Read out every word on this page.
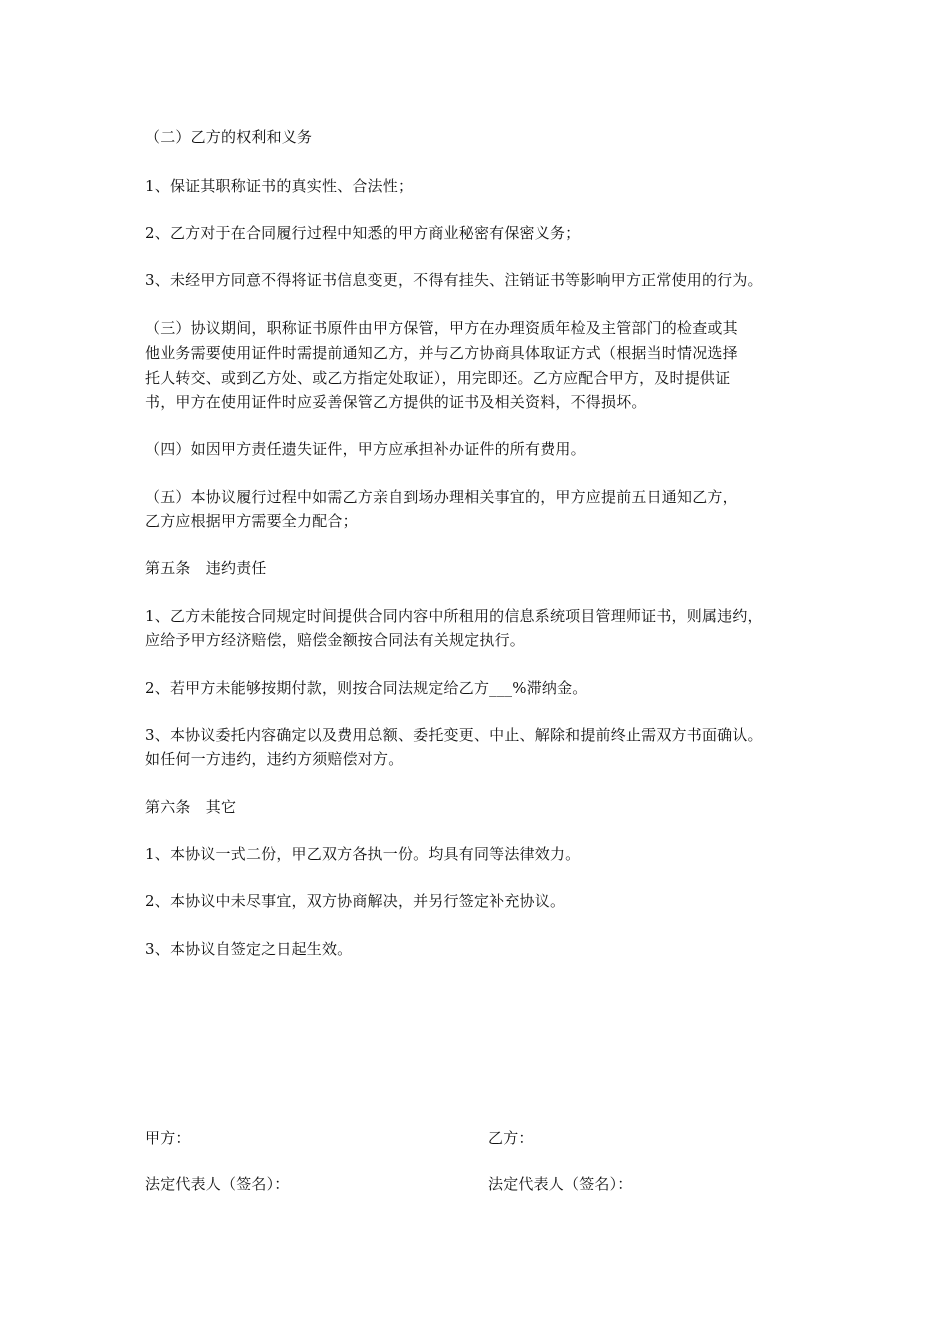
（二）乙方的权利和义务
1、保证其职称证书的真实性、合法性；
2、乙方对于在合同履行过程中知悉的甲方商业秘密有保密义务；
3、未经甲方同意不得将证书信息变更，不得有挂失、注销证书等影响甲方正常使用的行为。
（三）协议期间，职称证书原件由甲方保管，甲方在办理资质年检及主管部门的检查或其
他业务需要使用证件时需提前通知乙方，并与乙方协商具体取证方式（根据当时情况选择
托人转交、或到乙方处、或乙方指定处取证），用完即还。乙方应配合甲方，及时提供证
书，甲方在使用证件时应妥善保管乙方提供的证书及相关资料，不得损坏。
（四）如因甲方责任遗失证件，甲方应承担补办证件的所有费用。
（五）本协议履行过程中如需乙方亲自到场办理相关事宜的，甲方应提前五日通知乙方，
乙方应根据甲方需要全力配合；
第五条　违约责任
1、乙方未能按合同规定时间提供合同内容中所租用的信息系统项目管理师证书，则属违约，
应给予甲方经济赔偿，赔偿金额按合同法有关规定执行。
2、若甲方未能够按期付款，则按合同法规定给乙方___%滞纳金。
3、本协议委托内容确定以及费用总额、委托变更、中止、解除和提前终止需双方书面确认。
如任何一方违约，违约方须赔偿对方。
第六条　其它
1、本协议一式二份，甲乙双方各执一份。均具有同等法律效力。
2、本协议中未尽事宜，双方协商解决，并另行签定补充协议。
3、本协议自签定之日起生效。
甲方：	乙方：
法定代表人（签名）：	法定代表人（签名）：
